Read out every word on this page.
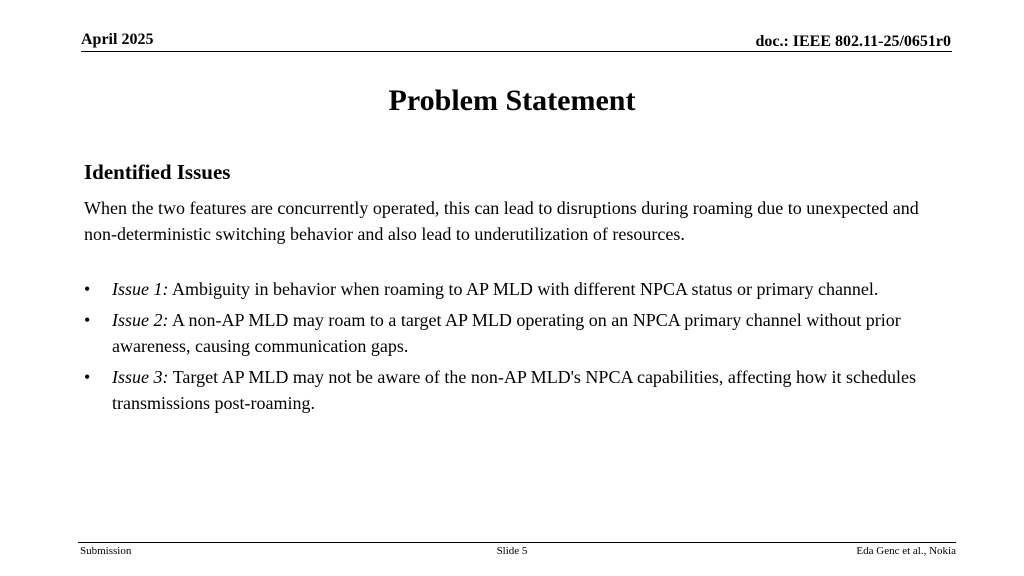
April 2025	doc.: IEEE 802.11-25/0651r0
Problem Statement
Identified Issues

When the two features are concurrently operated, this can lead to disruptions during roaming due to unexpected and non-deterministic switching behavior and also lead to underutilization of resources.

• Issue 1: Ambiguity in behavior when roaming to AP MLD with different NPCA status or primary channel.
• Issue 2: A non-AP MLD may roam to a target AP MLD operating on an NPCA primary channel without prior awareness, causing communication gaps.
• Issue 3: Target AP MLD may not be aware of the non-AP MLD's NPCA capabilities, affecting how it schedules transmissions post-roaming.
Submission	Slide 5	Eda Genc et al., Nokia
